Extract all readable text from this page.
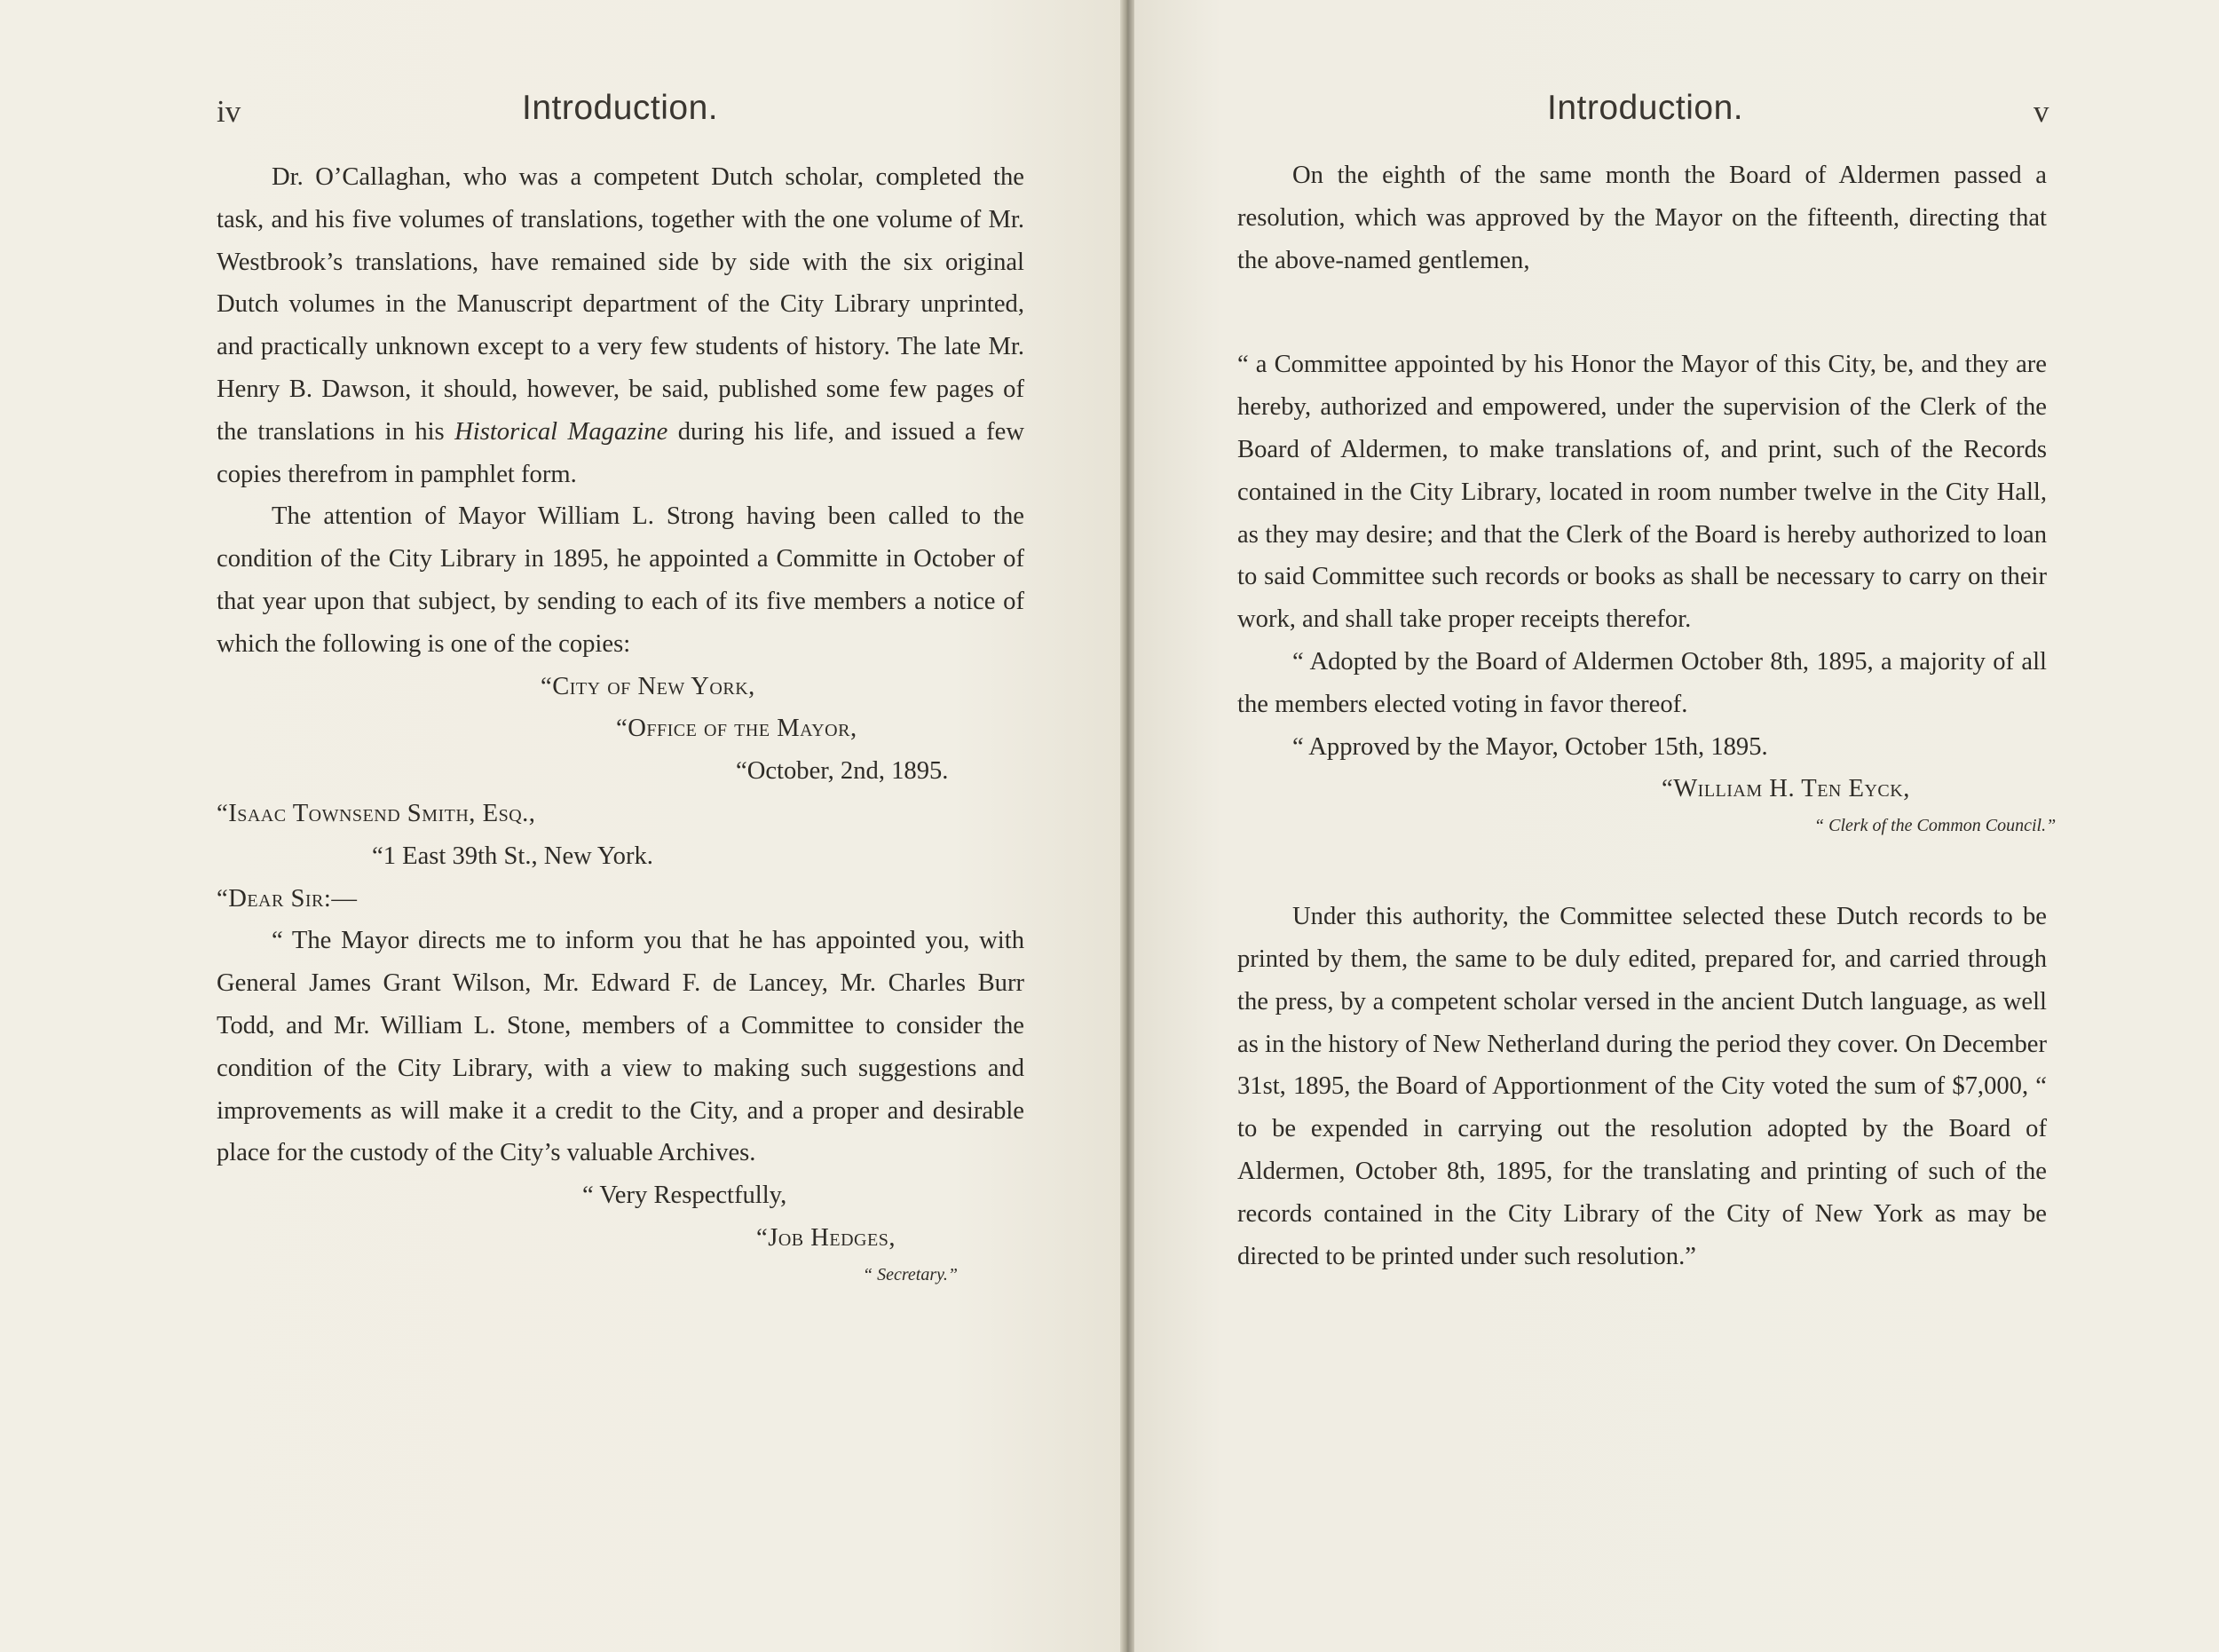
iv	Introduction.

Dr. O’Callaghan, who was a competent Dutch scholar, completed the task, and his five volumes of translations, together with the one volume of Mr. Westbrook’s translations, have remained side by side with the six original Dutch volumes in the Manuscript department of the City Library unprinted, and practically unknown except to a very few students of history. The late Mr. Henry B. Dawson, it should, however, be said, published some few pages of the translations in his Historical Magazine during his life, and issued a few copies therefrom in pamphlet form.

The attention of Mayor William L. Strong having been called to the condition of the City Library in 1895, he appointed a Committe in October of that year upon that subject, by sending to each of its five members a notice of which the following is one of the copies:

“City of New York,
“Office of the Mayor,
“October, 2nd, 1895.
“Isaac Townsend Smith, Esq.,
“1 East 39th St., New York.
“Dear Sir:—

“ The Mayor directs me to inform you that he has appointed you, with General James Grant Wilson, Mr. Edward F. de Lancey, Mr. Charles Burr Todd, and Mr. William L. Stone, members of a Committee to consider the condition of the City Library, with a view to making such suggestions and improvements as will make it a credit to the City, and a proper and desirable place for the custody of the City’s valuable Archives.

“ Very Respectfully,
“Job Hedges,
“ Secretary.”
Introduction.	v

On the eighth of the same month the Board of Aldermen passed a resolution, which was approved by the Mayor on the fifteenth, directing that the above-named gentlemen,

“ a Committee appointed by his Honor the Mayor of this City, be, and they are hereby, authorized and empowered, under the supervision of the Clerk of the Board of Aldermen, to make translations of, and print, such of the Records contained in the City Library, located in room number twelve in the City Hall, as they may desire; and that the Clerk of the Board is hereby authorized to loan to said Committee such records or books as shall be necessary to carry on their work, and shall take proper receipts therefor.

“ Adopted by the Board of Aldermen October 8th, 1895, a majority of all the members elected voting in favor thereof.

“ Approved by the Mayor, October 15th, 1895.

“William H. Ten Eyck,
“ Clerk of the Common Council.”

Under this authority, the Committee selected these Dutch records to be printed by them, the same to be duly edited, prepared for, and carried through the press, by a competent scholar versed in the ancient Dutch language, as well as in the history of New Netherland during the period they cover. On December 31st, 1895, the Board of Apportionment of the City voted the sum of $7,000, “ to be expended in carrying out the resolution adopted by the Board of Aldermen, October 8th, 1895, for the translating and printing of such of the records contained in the City Library of the City of New York as may be directed to be printed under such resolution.”
